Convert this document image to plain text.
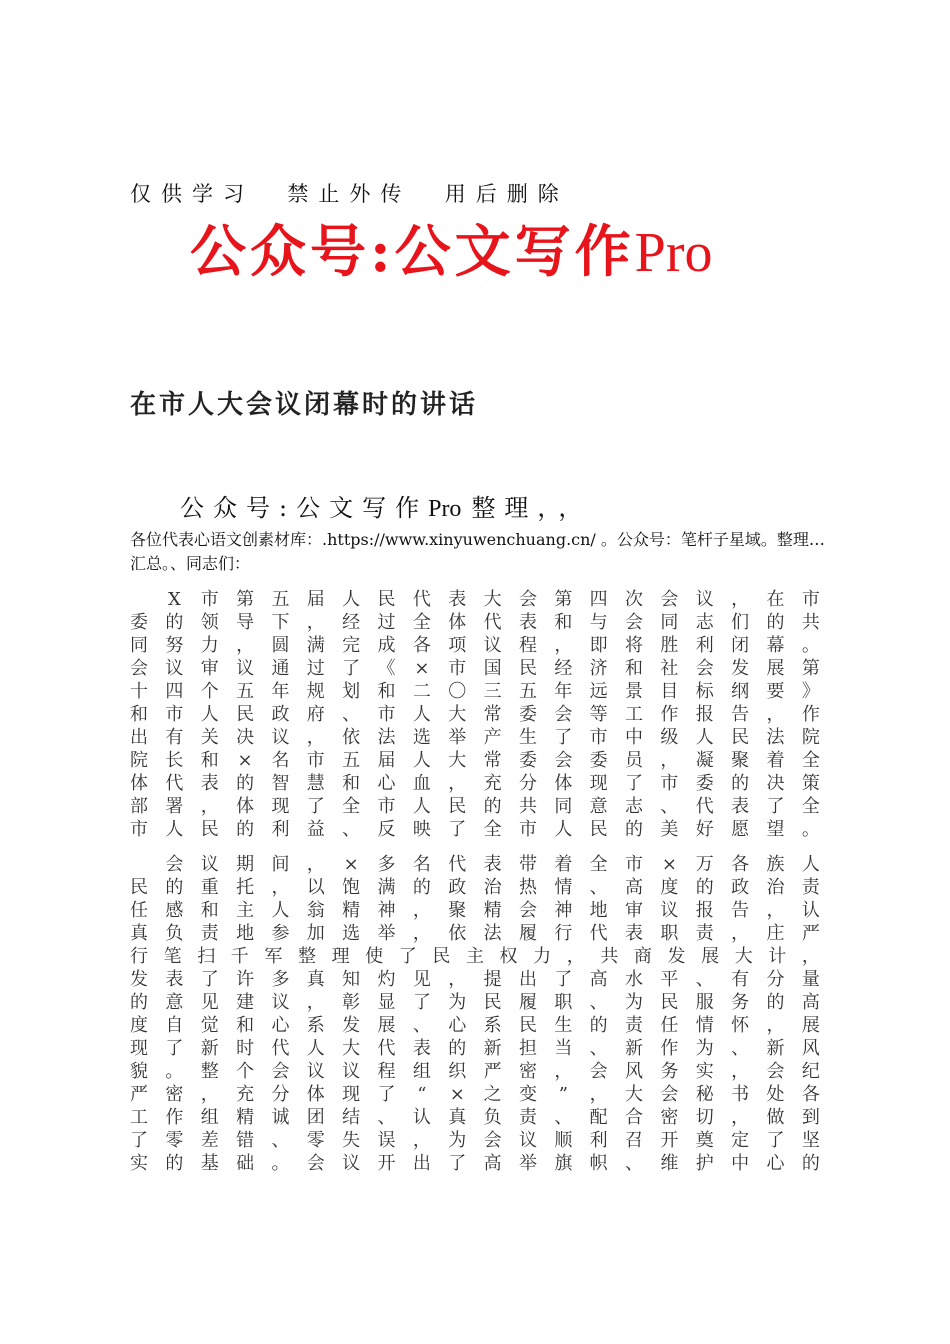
仅供学习  禁止外传  用后删除
公众号:公文写作Pro
在市人大会议闭幕时的讲话
公众号:公文写作Pro 整理，，
各位代表心语文创素材库：.https://www.xinyuwenchuang.cn/ 。公众号：笔杆子星域。整理…汇总。、同志们：

X 市 第 五 届 人 民 代 表 大 会 第 四 次 会 议 ， 在 市
委 的 领 导 下 ， 经 过 全 体 代 表 和 与 会 同 志 们 的 共
同 努 力 ， 圆 满 完 成 各 项 议 程 ， 即 将 胜 利 闭 幕 。
会 议 审 议 通 过 了 《 × 市 国 民 经 济 和 社 会 发 展 第
十 四 个 五 年 规 划 和 二 〇 三 五 年 远 景 目 标 纲 要 》
和 市 人 民 政 府 、 市 人 大 常 委 会 等 工 作 报 告 ， 作
出 有 关 决 议 ， 依 法 选 举 产 生 了 市 中 级 人 民 法 院
院 长 和 × 名 市 五 届 人 大 常 委 会 委 员 ， 凝 聚 着 全
体 代 表 的 智 慧 和 心 血 ， 充 分 体 现 了 市 委 的 决 策
部 署 ， 体 现 了 全 市 人 民 的 共 同 意 志 、 代 表 了 全
市 人 民 的 利 益 、 反 映 了 全 市 人 民 的 美 好 愿 望 。

会 议 期 间 ， × 多 名 代 表 带 着 全 市 × 万 各 族 人
民 的 重 托 ， 以 饱 满 的 政 治 热 情 、 高 度 的 政 治 责
任 感 和 主 人 翁 精 神 ， 聚 精 会 神 地 审 议 报 告 ， 认
真 负 责 地 参 加 选 举 ， 依 法 履 行 代 表 职 责 ， 庄 严
行 笔 扫 千 军 整 理 使 了 民 主 权 力 ， 共 商 发 展 大 计 ，
发 表 了 许 多 真 知 灼 见 ， 提 出 了 高 水 平 、 有 分 量
的 意 见 建 议 ， 彰 显 了 为 民 履 职 、 为 民 服 务 的 高
度 自 觉 和 心 系 发 展 、 心 系 民 生 的 责 任 情 怀 ， 展
现 了 新 时 代 人 大 代 表 的 新 担 当 、 新 作 为 、 新 风
貌 。 整 个 会 议 议 程 组 织 严 密 ， 会 风 务 实 ， 会 纪
严 密 ， 充 分 体 现 了 “ × 之 变 ” ， 大 会 秘 书 处 各
工 作 组 精 诚 团 结 、 认 真 负 责 、 配 合 密 切 ， 做 到
了 零 差 错 、 零 失 误 ， 为 会 议 顺 利 召 开 奠 定 了 坚
实 的 基 础 。 会 议 开 出 了 高 举 旗 帜 、 维 护 中 心 的
